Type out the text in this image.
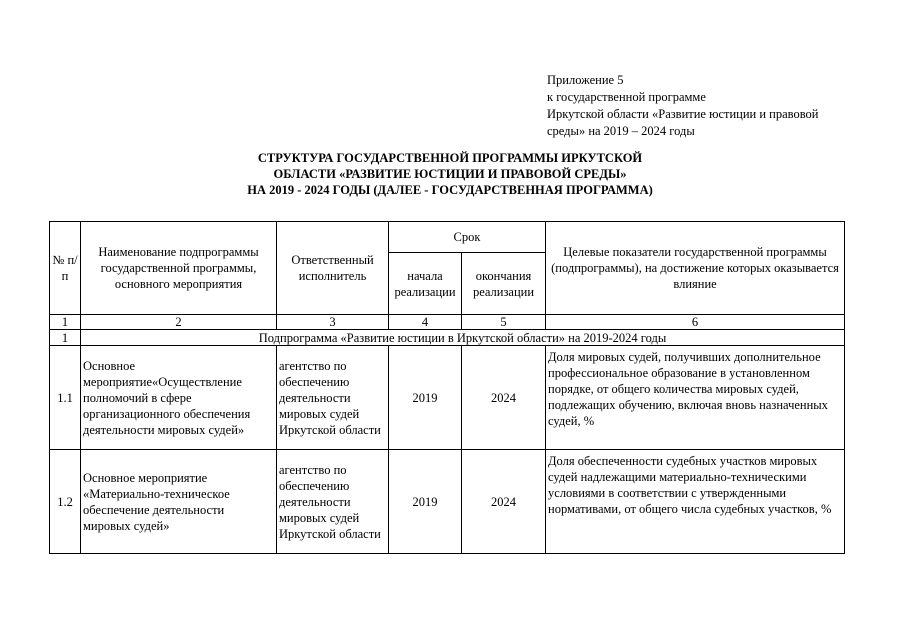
Приложение 5
к государственной программе
Иркутской области «Развитие юстиции и правовой
среды» на 2019 – 2024 годы
СТРУКТУРА ГОСУДАРСТВЕННОЙ ПРОГРАММЫ ИРКУТСКОЙ
ОБЛАСТИ «РАЗВИТИЕ ЮСТИЦИИ И ПРАВОВОЙ СРЕДЫ»
НА 2019 - 2024 ГОДЫ (ДАЛЕЕ - ГОСУДАРСТВЕННАЯ ПРОГРАММА)
№ п/п	Наименование подпрограммы государственной программы, основного мероприятия	Ответственный исполнитель	Срок		Целевые показатели государственной программы (подпрограммы), на достижение которых оказывается влияние
			начала реализации	окончания реализации	
1	2	3	4	5	6
1	Подпрограмма «Развитие юстиции в Иркутской области» на 2019-2024 годы				
1.1	Основное мероприятие«Осуществление полномочий в сфере организационного обеспечения деятельности мировых судей»	агентство по обеспечению деятельности мировых судей Иркутской области	2019	2024	Доля мировых судей, получивших дополнительное профессиональное образование в установленном порядке, от общего количества мировых судей, подлежащих обучению, включая вновь назначенных судей, %
1.2	Основное мероприятие «Материально-техническое обеспечение деятельности мировых судей»	агентство по обеспечению деятельности мировых судей Иркутской области	2019	2024	Доля обеспеченности судебных участков мировых судей надлежащими материально-техническими условиями в соответствии с утвержденными нормативами, от общего числа судебных участков, %
